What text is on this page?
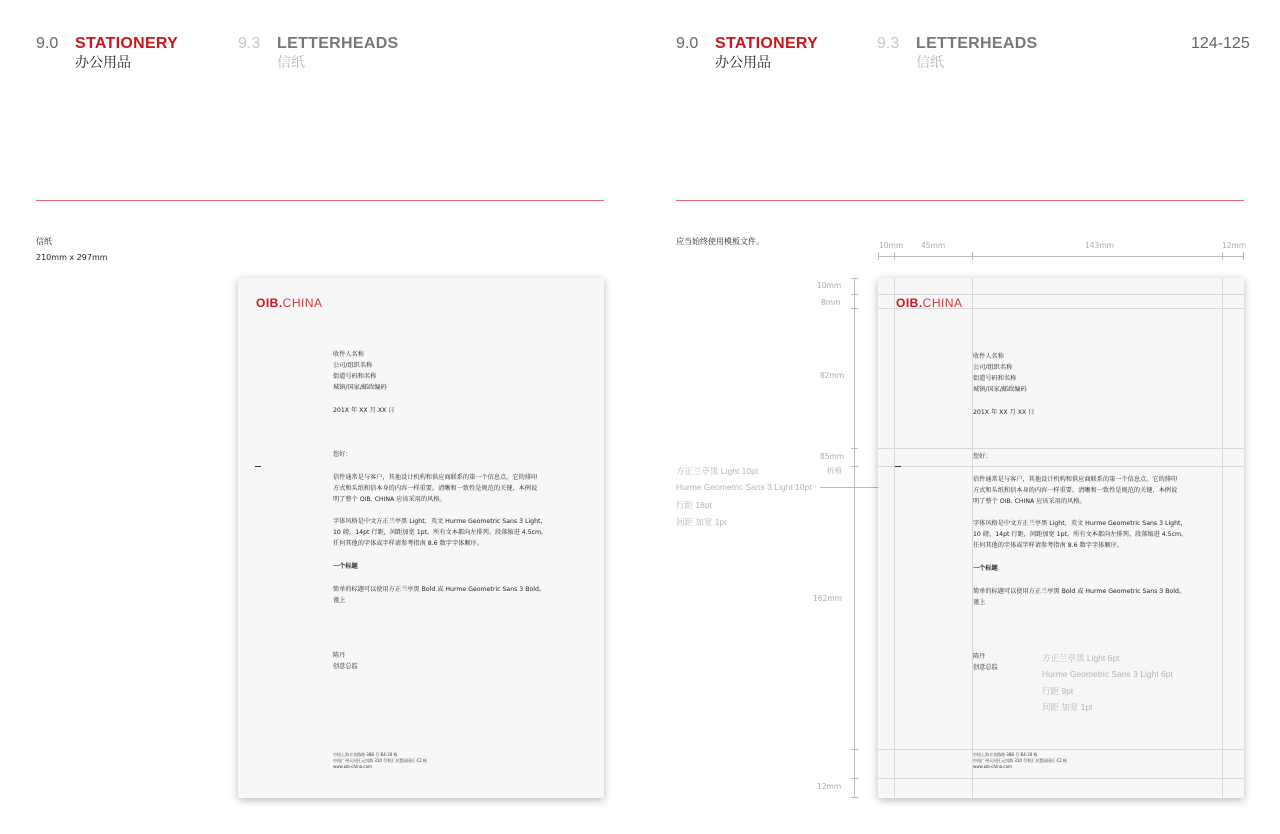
9.0 STATIONERY
办公用品
9.3 LETTERHEADS
信纸
信纸
210mm x 297mm
OIB.CHINA
收件人名称
公司/组织名称
街道号码和名称
城镇/国家/邮政编码
201X 年 XX 月 XX 日
您好：
信件通常是与客户，其他设计机构和供应商联系的第一个信息点。它的排印
方式和头纸和信本身的内容一样重要。清晰和一致性是规范的关键，本例说
明了整个 OIB. CHINA 应该采用的风格。
字体风格是中文方正兰亭黑 Light，英文 Hurme Geometric Sans 3 Light，
10 磅，14pt 行距，间距加宽 1pt。所有文本都向左排列。段落缩进 4.5cm。
任何其他的字体或字样请参考指南 8.6 数字字体顺序。
一个标题
简单的标题可以使用方正兰亭黑 Bold 或 Hurme Geometric Sans 3 Bold。
谨上
陈丹
创意总监
中国上海丰宾路路 388 号 B4-30 栋
中国广州天河区元岗路 310 号智汇谷慧园园区 C2 栋
www.oib-china.com
9.0 STATIONERY
办公用品
9.3 LETTERHEADS
信纸
124-125
应当始终使用模板文件。	10mm 45mm	143mm	12mm
10mm
8mm
82mm
85mm
折痕
162mm
12mm
方正兰亭黑 Light 10pt
Hurme Geometric Sans 3 Light 10pt
行距 18pt
间距 加宽 1pt
OIB.CHINA
收件人名称
公司/组织名称
街道号码和名称
城镇/国家/邮政编码
201X 年 XX 月 XX 日
您好：
信件通常是与客户，其他设计机构和供应商联系的第一个信息点。它的排印
方式和头纸和信本身的内容一样重要。清晰和一致性是规范的关键，本例说
明了整个 OIB. CHINA 应该采用的风格。
字体风格是中文方正兰亭黑 Light，英文 Hurme Geometric Sans 3 Light，
10 磅，14pt 行距，间距加宽 1pt。所有文本都向左排列。段落缩进 4.5cm。
任何其他的字体或字样请参考指南 8.6 数字字体顺序。
一个标题
简单的标题可以使用方正兰亭黑 Bold 或 Hurme Geometric Sans 3 Bold。
谨上
陈丹
创意总监
方正兰亭黑 Light 6pt
Hurme Geometric Sans 3 Light 6pt
行距 9pt
间距 加宽 1pt
中国上海丰宾路路 388 号 B4-30 栋
中国广州天河区元岗路 310 号智汇谷慧园园区 C2 栋
www.oib-china.com
